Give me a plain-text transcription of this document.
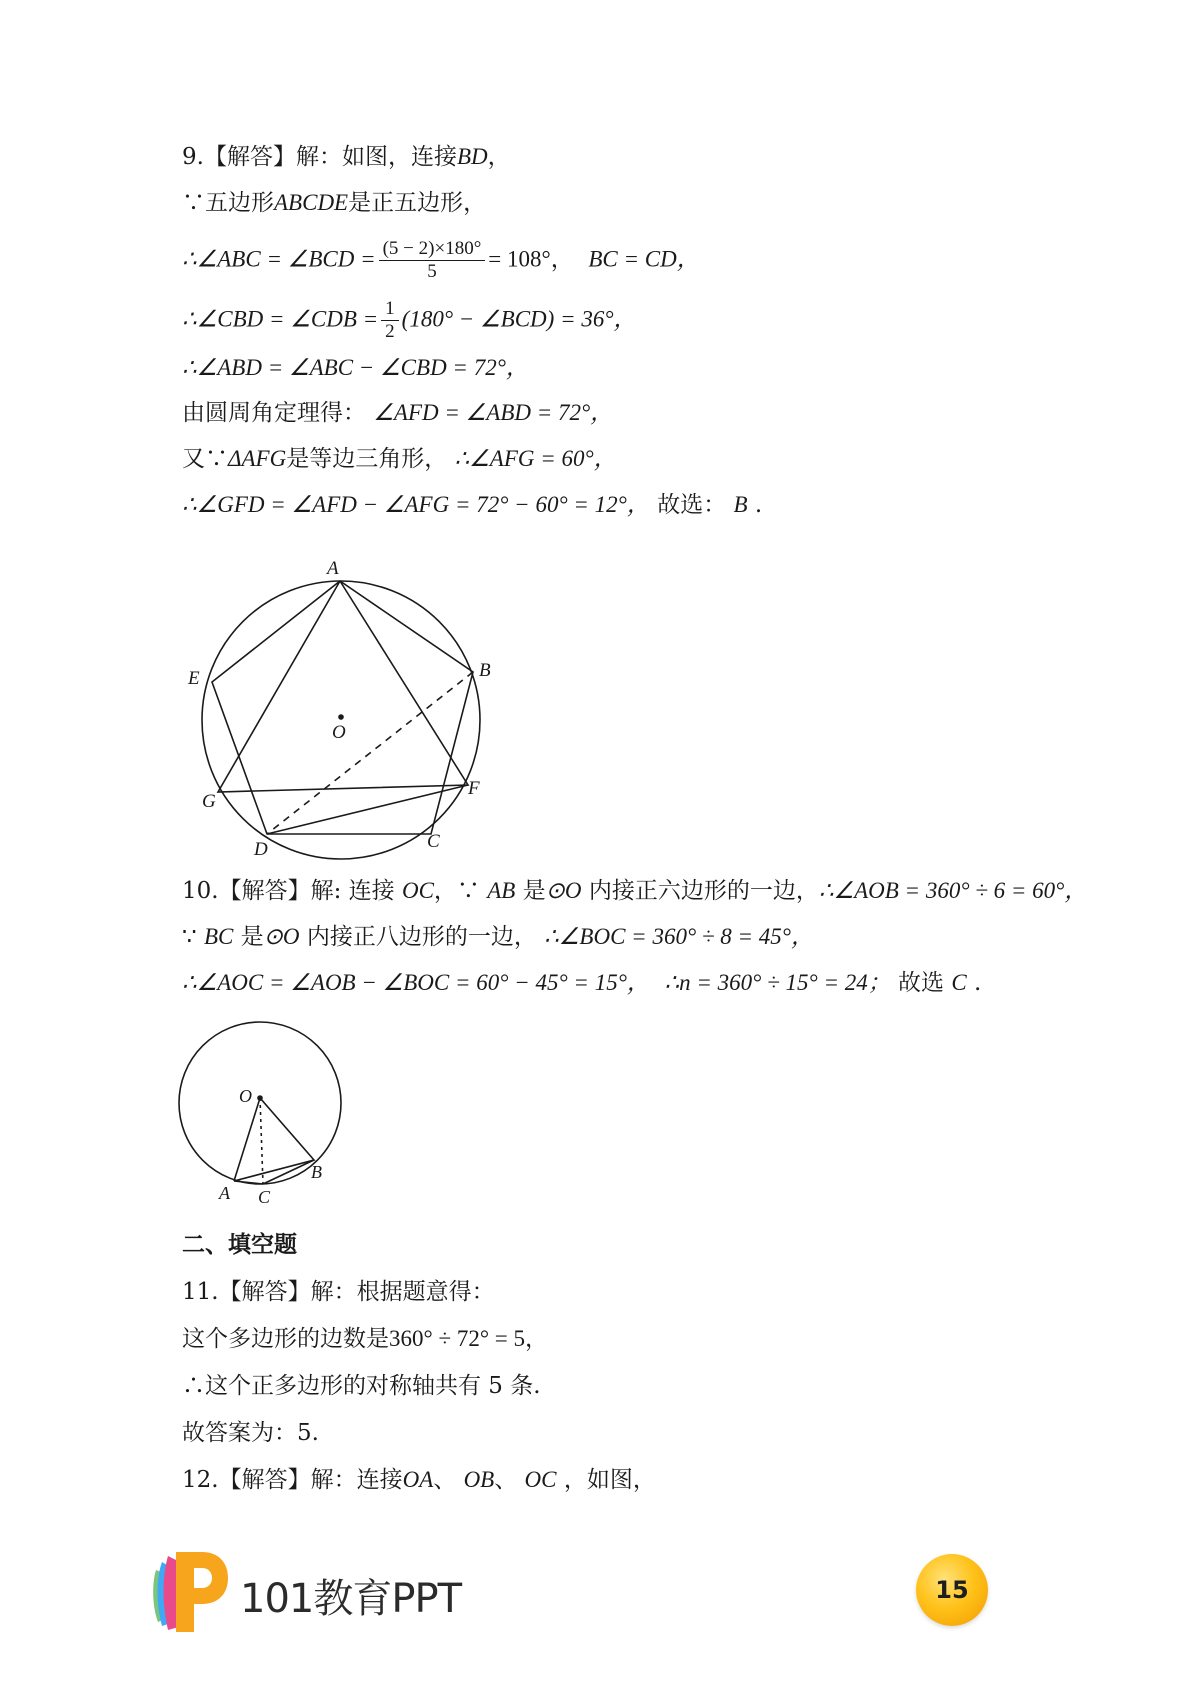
9.【解答】解：如图，连接BD，
∵五边形ABCDE是正五边形，
∴∠ABC = ∠BCD = $\frac{(5 - 2)\times 180^\circ}{5} = 108^\circ$， BC = CD，
∴∠CBD = ∠CDB = $\frac{1}{2} (180^\circ$ − ∠BCD) = 36°，
∴∠ABD = ∠ABC − ∠CBD = 72°，
由圆周角定理得： ∠AFD = ∠ABD = 72°，
又∵ΔAFG是等边三角形， ∴∠AFG = 60°，
∴∠GFD = ∠AFD − ∠AFG = 72° − 60° = 12°， 故选： B .
A
B
C
D
E
F
G
O
10.【解答】解: 连接 OC，∵ AB 是⊙O 内接正六边形的一边，∴∠AOB = 360° ÷ 6 = 60°，
∵ BC 是⊙O 内接正八边形的一边， ∴∠BOC = 360° ÷ 8 = 45°，
∴∠AOC = ∠AOB − ∠BOC = 60° − 45° = 15°， ∴n = 360° ÷ 15° = 24； 故选 C .
O
A
B
C
二、填空题
11.【解答】解：根据题意得：
这个多边形的边数是360° ÷ 72° = 5，
∴这个正多边形的对称轴共有 5 条.
故答案为：5.
12.【解答】解：连接OA、 OB、 OC ，如图，
101教育PPT	15
